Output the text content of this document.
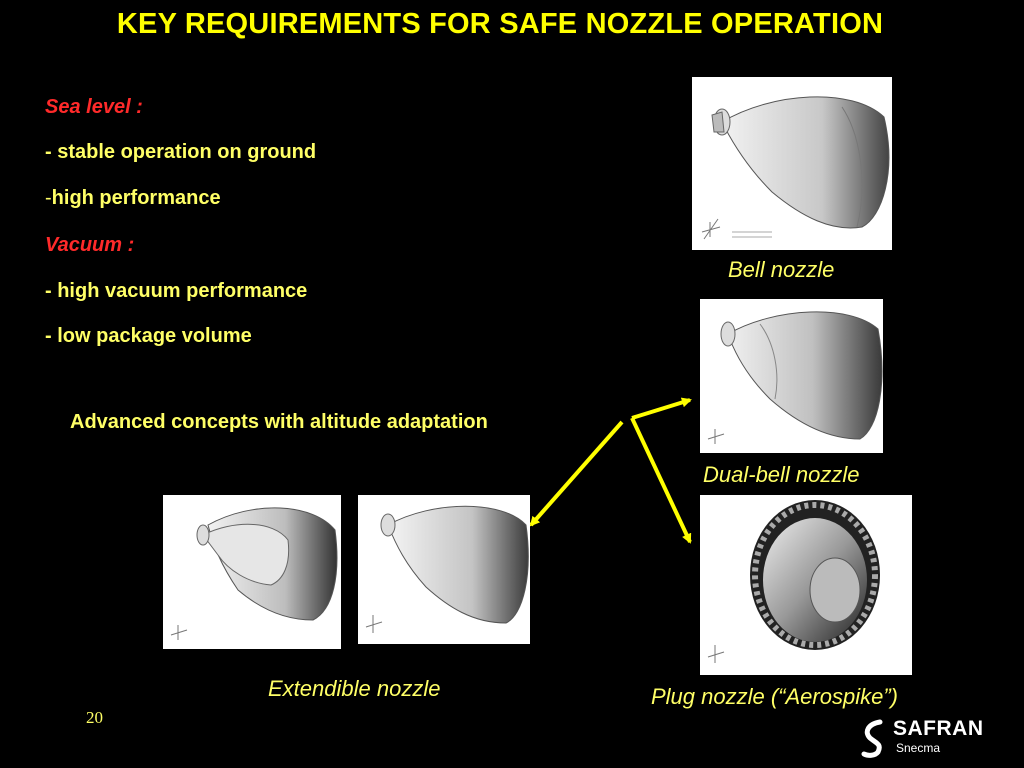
KEY REQUIREMENTS FOR SAFE NOZZLE OPERATION
Sea level :
- stable operation on ground
-high performance
Vacuum :
- high vacuum performance
- low package volume
Advanced concepts with altitude adaptation
Bell nozzle
Dual-bell nozzle
Extendible nozzle	Plug nozzle (“Aerospike”)
20	SAFRAN
Snecma
